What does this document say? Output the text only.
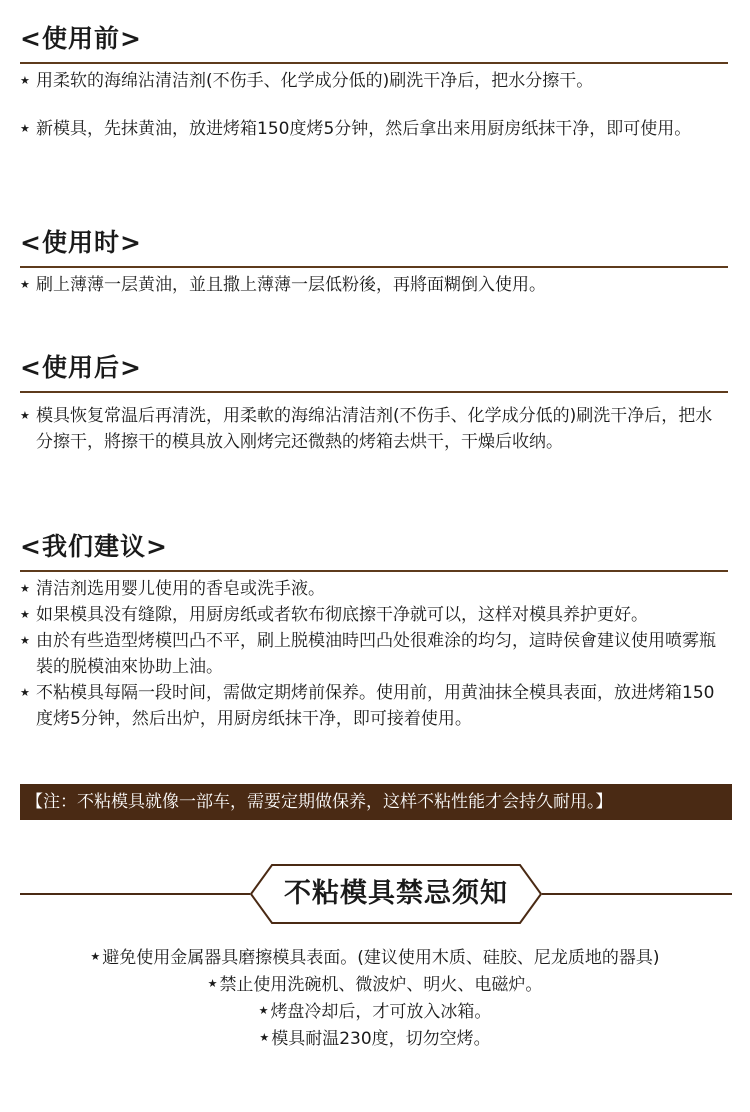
<使用前>

★ 用柔软的海绵沾清洁剂(不伤手、化学成分低的)刷洗干净后，把水分擦干。

★ 新模具，先抹黄油，放进烤箱150度烤5分钟，然后拿出来用厨房纸抹干净，即可使用。

<使用时>

★ 刷上薄薄一层黄油，並且撒上薄薄一层低粉後，再將面糊倒入使用。

<使用后>

★ 模具恢复常温后再清洗，用柔軟的海绵沾清洁剂(不伤手、化学成分低的)刷洗干净后，把水分擦干，將擦干的模具放入刚烤完还微熱的烤箱去烘干，干燥后收纳。

<我们建议>

★ 清洁剂选用婴儿使用的香皂或洗手液。

★ 如果模具没有缝隙，用厨房纸或者软布彻底擦干净就可以，这样对模具养护更好。

★ 由於有些造型烤模凹凸不平，刷上脱模油時凹凸处很难涂的均匀，這時侯會建议使用喷雾瓶裝的脱模油來协助上油。

★ 不粘模具每隔一段时间，需做定期烤前保养。使用前，用黄油抹全模具表面，放进烤箱150度烤5分钟，然后出炉，用厨房纸抹干净，即可接着使用。

【注：不粘模具就像一部车，需要定期做保养，这样不粘性能才会持久耐用。】
不粘模具禁忌须知

★ 避免使用金属器具磨擦模具表面。(建议使用木质、硅胶、尼龙质地的器具)

★ 禁止使用洗碗机、微波炉、明火、电磁炉。

★ 烤盘冷却后，才可放入冰箱。

★ 模具耐温230度，切勿空烤。
